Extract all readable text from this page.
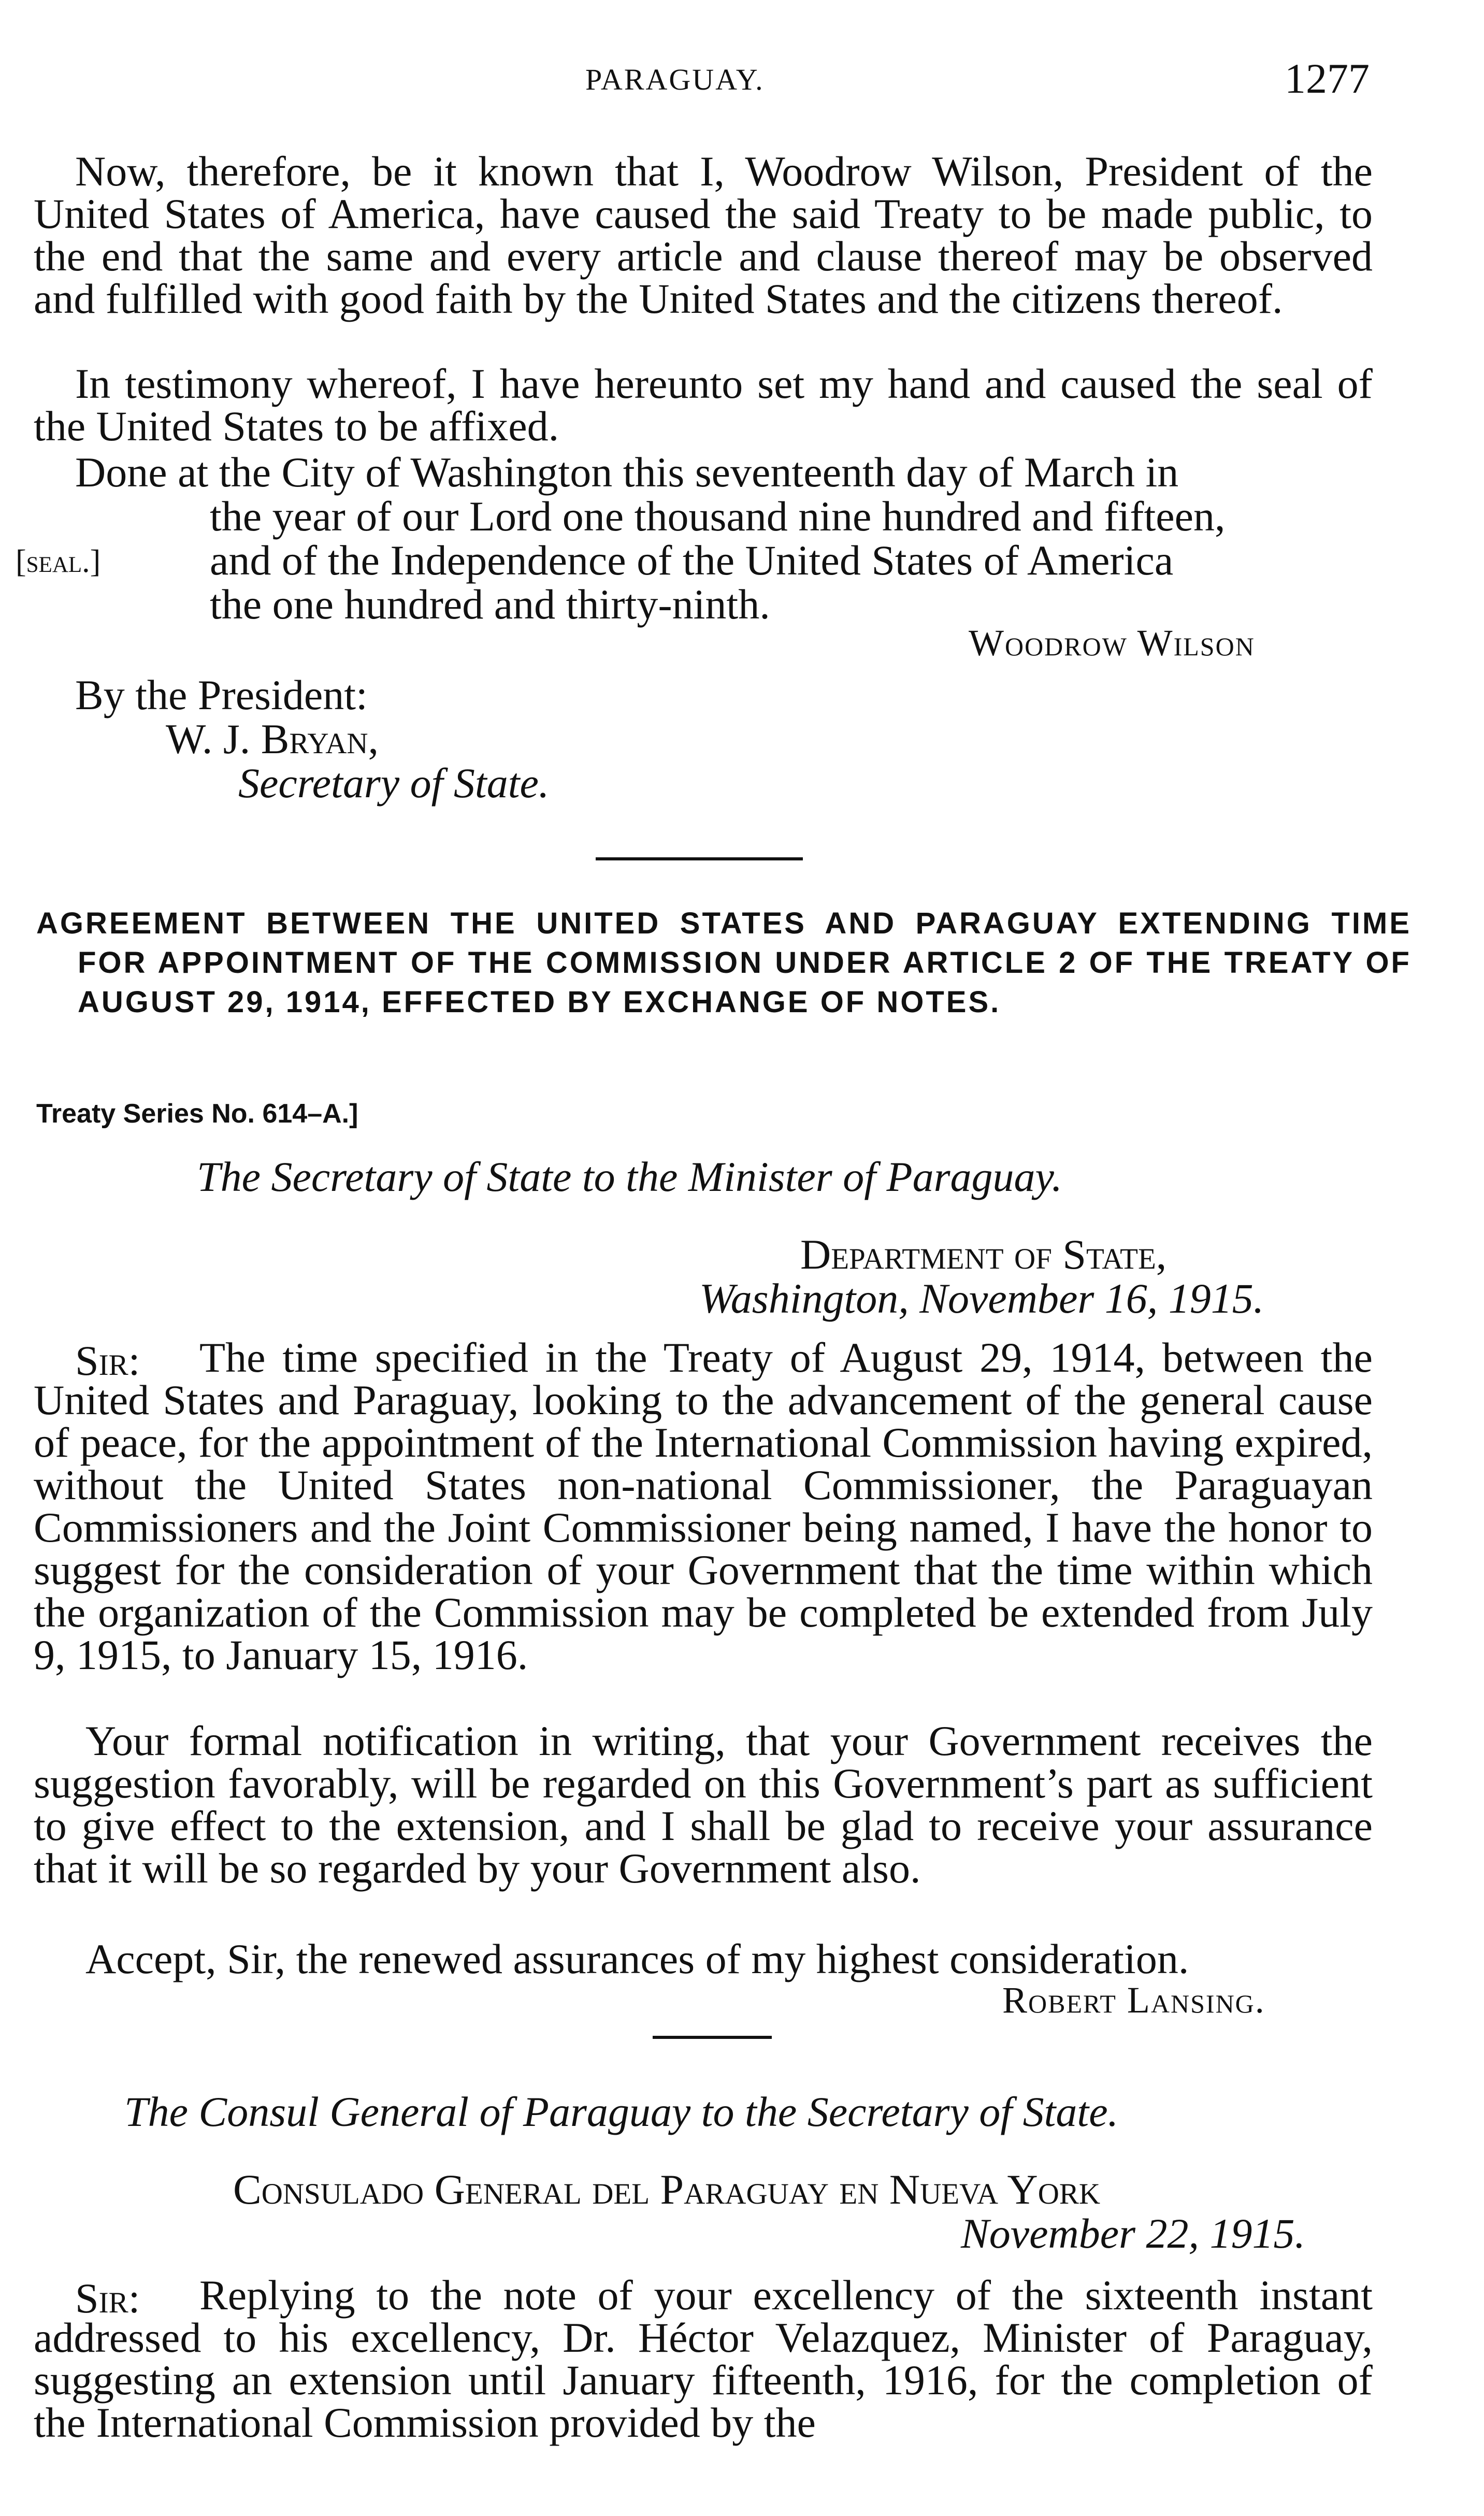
PARAGUAY.	1277

Now, therefore, be it known that I, Woodrow Wilson, President of the United States of America, have caused the said Treaty to be made public, to the end that the same and every article and clause thereof may be observed and fulfilled with good faith by the United States and the citizens thereof.

In testimony whereof, I have hereunto set my hand and caused the seal of the United States to be affixed.

Done at the City of Washington this seventeenth day of March in
the year of our Lord one thousand nine hundred and fifteen,
[seal.]	and of the Independence of the United States of America
the one hundred and thirty-ninth.
Woodrow Wilson
By the President:
W. J. Bryan,
Secretary of State.

AGREEMENT BETWEEN THE UNITED STATES AND PARAGUAY EXTENDING TIME FOR APPOINTMENT OF THE COMMISSION UNDER ARTICLE 2 OF THE TREATY OF AUGUST 29, 1914, EFFECTED BY EXCHANGE OF NOTES.

Treaty Series No. 614–A.]
The Secretary of State to the Minister of Paraguay.
Department of State,
Washington, November 16, 1915.
Sir:	The time specified in the Treaty of August 29, 1914, between the United States and Paraguay, looking to the advancement of the general cause of peace, for the appointment of the International Commission having expired, without the United States non-national Commissioner, the Paraguayan Commissioners and the Joint Commissioner being named, I have the honor to suggest for the consideration of your Government that the time within which the organization of the Commission may be completed be extended from July 9, 1915, to January 15, 1916.

Your formal notification in writing, that your Government receives the suggestion favorably, will be regarded on this Government’s part as sufficient to give effect to the extension, and I shall be glad to receive your assurance that it will be so regarded by your Government also.

Accept, Sir, the renewed assurances of my highest consideration.
Robert Lansing.
The Consul General of Paraguay to the Secretary of State.
Consulado General del Paraguay en Nueva York
November 22, 1915.
Sir:	Replying to the note of your excellency of the sixteenth instant addressed to his excellency, Dr. Héctor Velazquez, Minister of Paraguay, suggesting an extension until January fifteenth, 1916, for the completion of the International Commission provided by the
